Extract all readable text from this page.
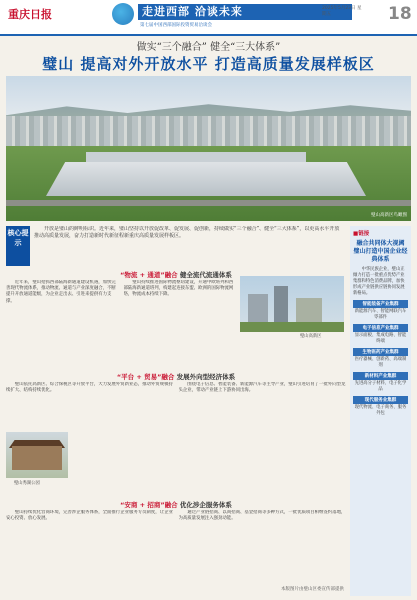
重庆日报	走进西部 洽谈未来
第七届中国西部国际投资贸易洽谈会
2025年5月23日 星期五	18
做实“三个融合” 健全“三大体系”
璧山 提高对外开放水平 打造高质量发展样板区
璧山高新区鸟瞰图
核心提示

开放是璧山的鲜明标识。近年来，璧山坚持以开放促改革、促发展、促创新，持续做实“三个融合”、健全“三大体系”，以更高水平开放推动高质量发展，奋力打造新时代新征程新重庆高质量发展样板区。

“物流 + 通道”融合 健全流代流通体系
近年来，璧山抢抓西部陆海新通道建设机遇，加快完善现代物流体系，推动物流、通道与产业深度融合，不断提升开放通道能级，为企业走出去、引进来提供有力支撑。
璧山持续推进国际物流枢纽建设，开通中欧班列和西部陆海新通道班列，构建起连接东盟、欧洲的国际物流网络，物流成本持续下降。
璧山高新区
“平台 + 贸易”融合 发展外向型经济体系
璧山依托高新区、综合保税区等开放平台，大力发展外贸新业态，推动外贸规模持续扩大、结构持续优化。
围绕电子信息、智能装备、新能源汽车等主导产业，璧山引进培育了一批外向型龙头企业，带动产业链上下游协同出海。
璧山秀湖公园
“安商 + 招商”融合 优化涉企服务体系
璧山持续优化营商环境，完善涉企服务体系，全面推行企业服务专员制度，让企业安心投资、放心发展。
通过产业链招商、以商招商、基金招商等多种方式，一批优质项目相继签约落地，为高质量发展注入强劲动能。
本版图片由璧山区委宣传部提供
■链接
融合共同体大视阈 璧山打造中国企业经典体系
中华民族企业，璧山正倾力打造一批重点优势产业集群和特色消费品牌，加快形成产业链供应链协同发展新格局。
智能装备产业集群
新能源汽车、智能网联汽车零部件
电子信息产业集群
显示面板、集成电路、智能终端
生物医药产业集群
医疗器械、创新药、高端制剂
新材料产业集群
先进高分子材料、电子化学品
现代服务业集群
现代物流、电子商务、服务外包
